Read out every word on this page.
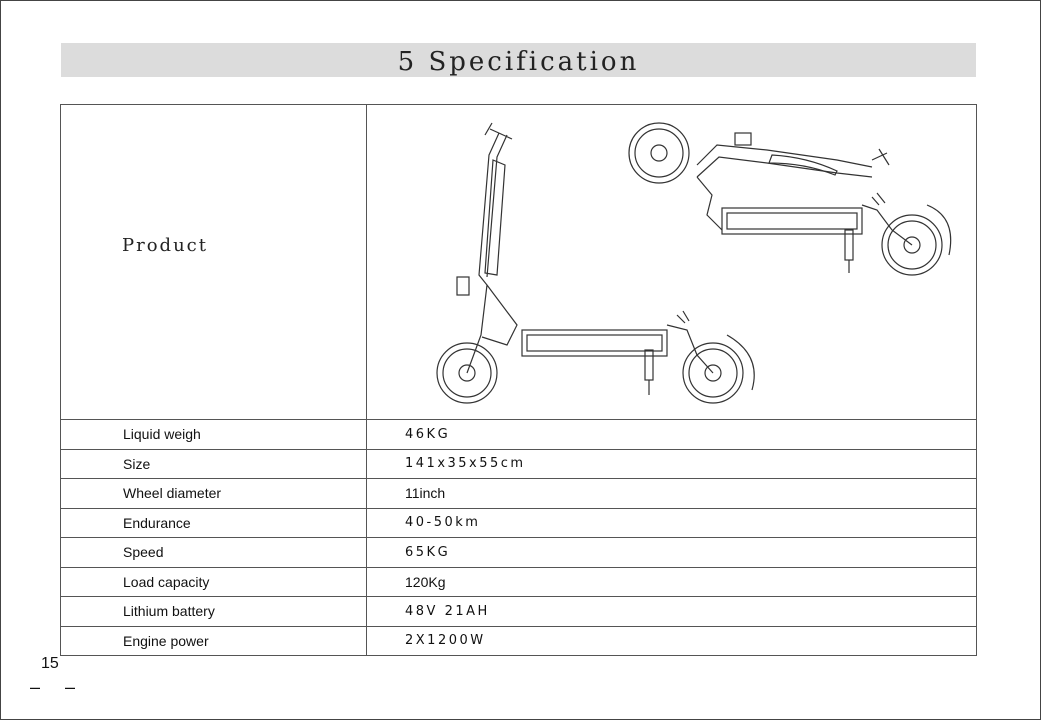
5 Specification
Product

Liquid weigh	46KG
Size	141x35x55cm
Wheel diameter	11inch
Endurance	40-50km
Speed	65KG
Load capacity	120Kg
Lithium battery	48V 21AH
Engine power	2X1200W
15
– –
